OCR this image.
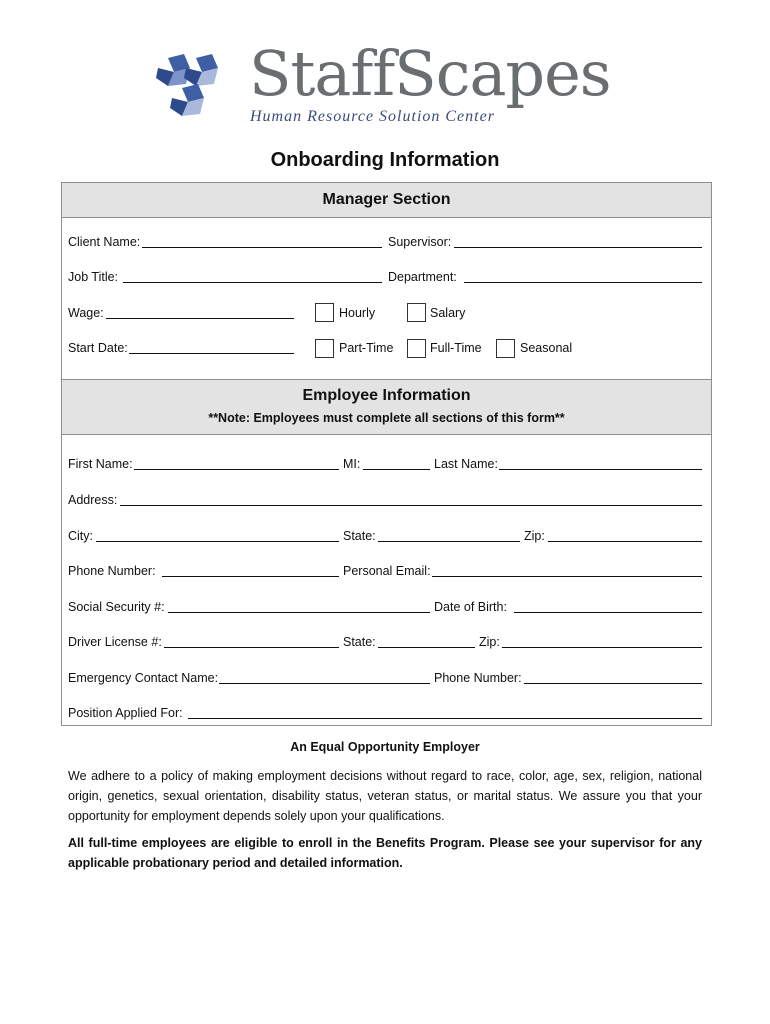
StaffScapes
Human Resource Solution Center
Onboarding Information
Manager Section
Client Name:	Supervisor:
Job Title:	Department:
Wage:	Hourly	Salary
Start Date:	Part-Time	Full-Time	Seasonal
Employee Information
**Note: Employees must complete all sections of this form**
First Name:	MI:	Last Name:
Address:
City:	State:	Zip:
Phone Number:	Personal Email:
Social Security #:	Date of Birth:
Driver License #:	State:	Zip:
Emergency Contact Name:	Phone Number:
Position Applied For:
An Equal Opportunity Employer
We adhere to a policy of making employment decisions without regard to race, color, age, sex, religion, national origin, genetics, sexual orientation, disability status, veteran status, or marital status. We assure you that your opportunity for employment depends solely upon your qualifications.
All full-time employees are eligible to enroll in the Benefits Program. Please see your supervisor for any applicable probationary period and detailed information.
